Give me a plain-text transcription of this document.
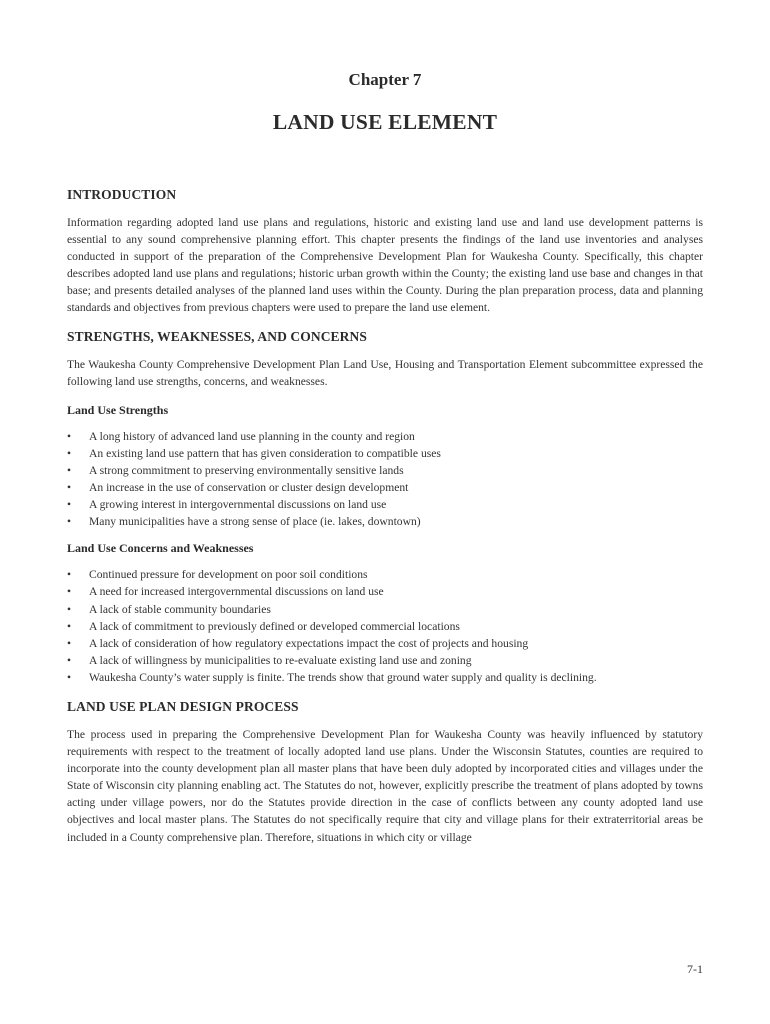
Chapter 7
LAND USE ELEMENT
INTRODUCTION

Information regarding adopted land use plans and regulations, historic and existing land use and land use development patterns is essential to any sound comprehensive planning effort. This chapter presents the findings of the land use inventories and analyses conducted in support of the preparation of the Comprehensive Development Plan for Waukesha County. Specifically, this chapter describes adopted land use plans and regulations; historic urban growth within the County; the existing land use base and changes in that base; and presents detailed analyses of the planned land uses within the County. During the plan preparation process, data and planning standards and objectives from previous chapters were used to prepare the land use element.

STRENGTHS, WEAKNESSES, AND CONCERNS

The Waukesha County Comprehensive Development Plan Land Use, Housing and Transportation Element subcommittee expressed the following land use strengths, concerns, and weaknesses.

Land Use Strengths
• A long history of advanced land use planning in the county and region
• An existing land use pattern that has given consideration to compatible uses
• A strong commitment to preserving environmentally sensitive lands
• An increase in the use of conservation or cluster design development
• A growing interest in intergovernmental discussions on land use
• Many municipalities have a strong sense of place (ie. lakes, downtown)
Land Use Concerns and Weaknesses
• Continued pressure for development on poor soil conditions
• A need for increased intergovernmental discussions on land use
• A lack of stable community boundaries
• A lack of commitment to previously defined or developed commercial locations
• A lack of consideration of how regulatory expectations impact the cost of projects and housing
• A lack of willingness by municipalities to re-evaluate existing land use and zoning
• Waukesha County’s water supply is finite. The trends show that ground water supply and quality is declining.
LAND USE PLAN DESIGN PROCESS

The process used in preparing the Comprehensive Development Plan for Waukesha County was heavily influenced by statutory requirements with respect to the treatment of locally adopted land use plans. Under the Wisconsin Statutes, counties are required to incorporate into the county development plan all master plans that have been duly adopted by incorporated cities and villages under the State of Wisconsin city planning enabling act. The Statutes do not, however, explicitly prescribe the treatment of plans adopted by towns acting under village powers, nor do the Statutes provide direction in the case of conflicts between any county adopted land use objectives and local master plans. The Statutes do not specifically require that city and village plans for their extraterritorial areas be included in a County comprehensive plan. Therefore, situations in which city or village

7-1
